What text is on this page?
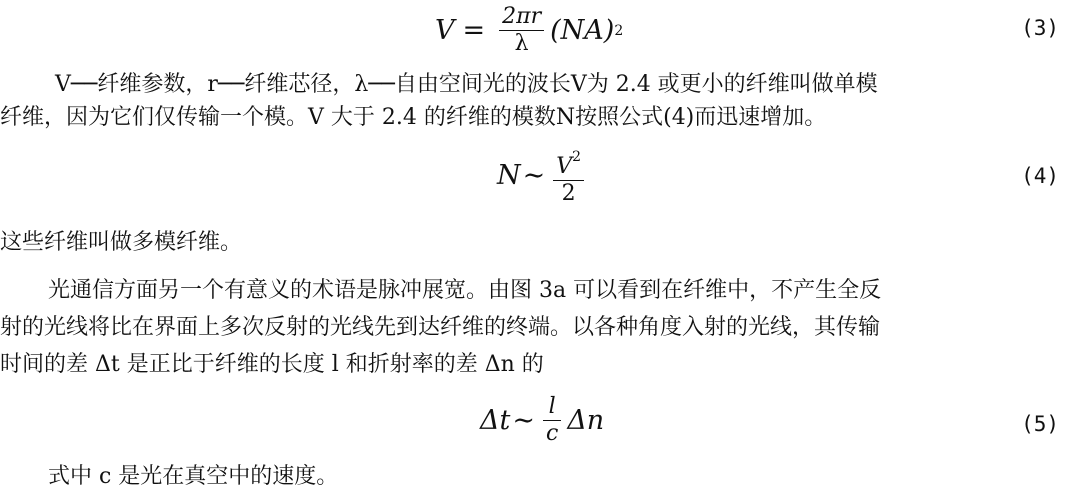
$V = \frac{2\pi r}{\lambda} (NA)$ 2	(3)
V──纤维参数，r──纤维芯径，λ──自由空间光的波长V为 2.4 或更小的纤维叫做单模
纤维，因为它们仅传输一个模。V 大于 2.4 的纤维的模数N按照公式(4)而迅速增加。
N ∼ $\frac{V^2}{2}$	(4)
这些纤维叫做多模纤维。
光通信方面另一个有意义的术语是脉冲展宽。由图 3a 可以看到在纤维中，不产生全反
射的光线将比在界面上多次反射的光线先到达纤维的终端。以各种角度入射的光线，其传输
时间的差 Δt 是正比于纤维的长度 l 和折射率的差 Δn 的
Δt ∼ $\frac{l}{c}$ Δn	(5)
式中 c 是光在真空中的速度。
